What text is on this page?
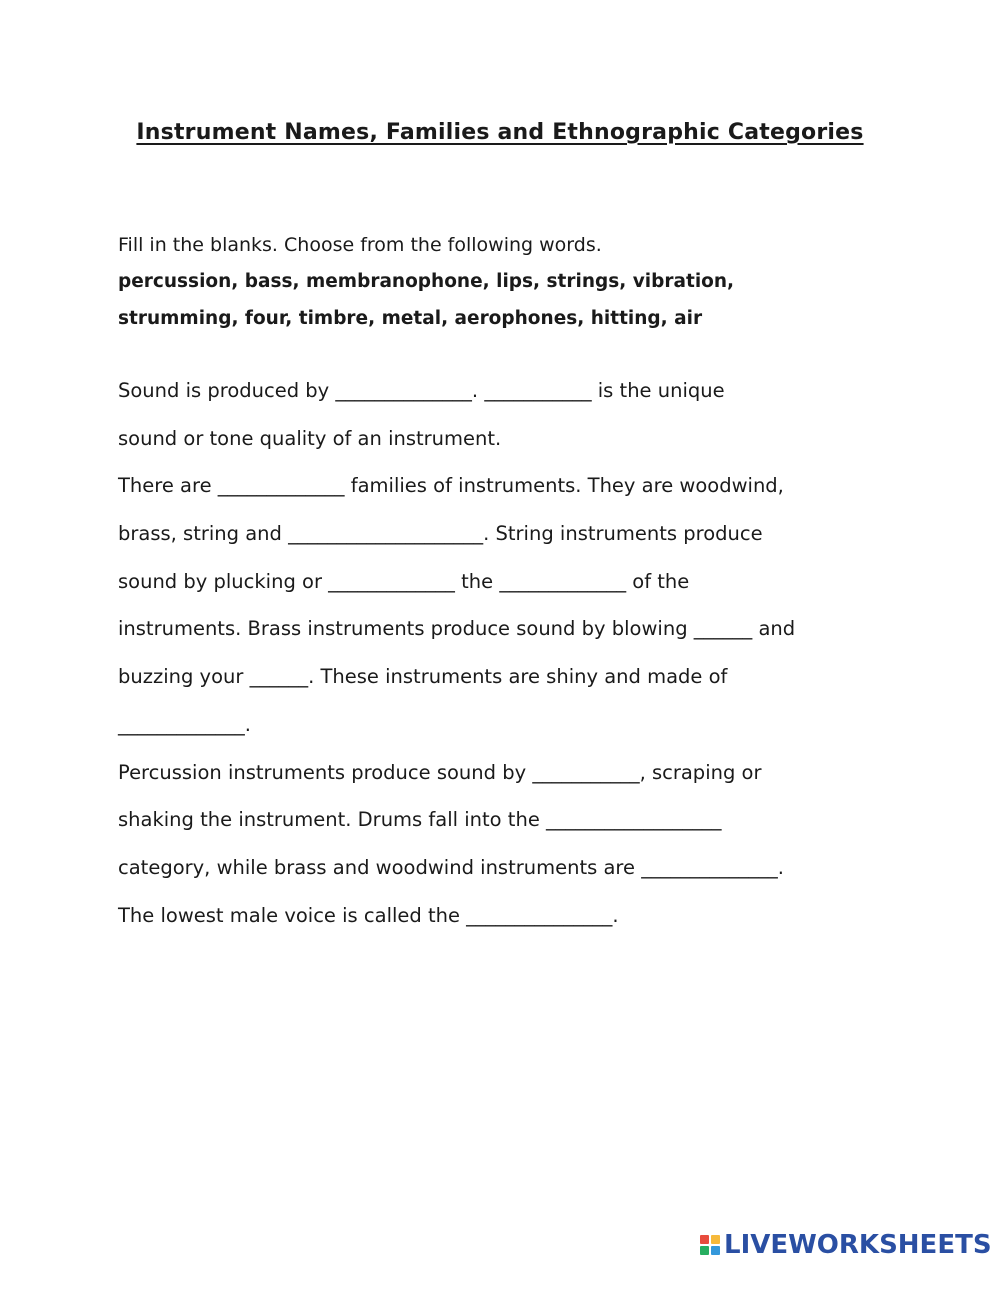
Instrument Names, Families and Ethnographic Categories
Fill in the blanks. Choose from the following words.
percussion, bass, membranophone, lips, strings, vibration,
strumming, four, timbre, metal, aerophones, hitting, air
Sound is produced by ______________. ___________ is the unique
sound or tone quality of an instrument.
There are _____________ families of instruments. They are woodwind,
brass, string and ____________________. String instruments produce
sound by plucking or _____________ the _____________ of the
instruments. Brass instruments produce sound by blowing ______ and
buzzing your ______. These instruments are shiny and made of
_____________.
Percussion instruments produce sound by ___________, scraping or
shaking the instrument. Drums fall into the __________________
category, while brass and woodwind instruments are ______________.
The lowest male voice is called the _______________.
LIVEWORKSHEETS
